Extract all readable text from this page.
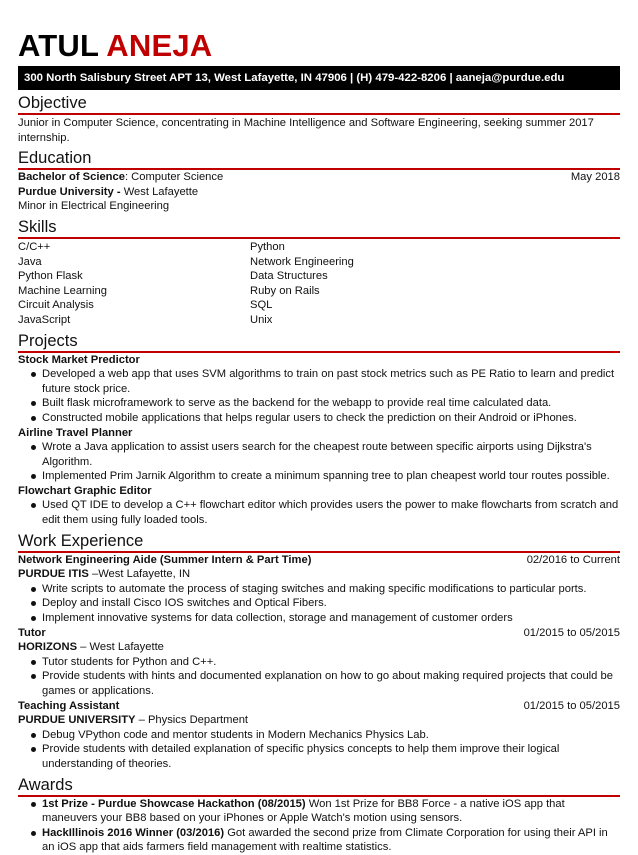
ATUL ANEJA
300 North Salisbury Street APT 13, West Lafayette, IN 47906 | (H) 479-422-8206 | aaneja@purdue.edu
Objective
Junior in Computer Science, concentrating in Machine Intelligence and Software Engineering, seeking summer 2017 internship.
Education
Bachelor of Science: Computer Science	May 2018
Purdue University - West Lafayette
Minor in Electrical Engineering
Skills
C/C++	Python
Java	Network Engineering
Python Flask	Data Structures
Machine Learning	Ruby on Rails
Circuit Analysis	SQL
JavaScript	Unix
Projects
Stock Market Predictor
Developed a web app that uses SVM algorithms to train on past stock metrics such as PE Ratio to learn and predict future stock price.
Built flask microframework to serve as the backend for the webapp to provide real time calculated data.
Constructed mobile applications that helps regular users to check the prediction on their Android or iPhones.
Airline Travel Planner
Wrote a Java application to assist users search for the cheapest route between specific airports using Dijkstra's Algorithm.
Implemented Prim Jarnik Algorithm to create a minimum spanning tree to plan cheapest world tour routes possible.
Flowchart Graphic Editor
Used QT IDE to develop a C++ flowchart editor which provides users the power to make flowcharts from scratch and edit them using fully loaded tools.
Work Experience
Network Engineering Aide (Summer Intern & Part Time)	02/2016 to Current
PURDUE ITIS –West Lafayette, IN
Write scripts to automate the process of staging switches and making specific modifications to particular ports.
Deploy and install Cisco IOS switches and Optical Fibers.
Implement innovative systems for data collection, storage and management of customer orders
Tutor	01/2015 to 05/2015
HORIZONS – West Lafayette
Tutor students for Python and C++.
Provide students with hints and documented explanation on how to go about making required projects that could be games or applications.
Teaching Assistant	01/2015 to 05/2015
PURDUE UNIVERSITY – Physics Department
Debug VPython code and mentor students in Modern Mechanics Physics Lab.
Provide students with detailed explanation of specific physics concepts to help them improve their logical understanding of theories.
Awards
1st Prize - Purdue Showcase Hackathon (08/2015) Won 1st Prize for BB8 Force - a native iOS app that maneuvers your BB8 based on your iPhones or Apple Watch's motion using sensors.
HackIllinois 2016 Winner (03/2016) Got awarded the second prize from Climate Corporation for using their API in an iOS app that aids farmers field management with realtime statistics.
